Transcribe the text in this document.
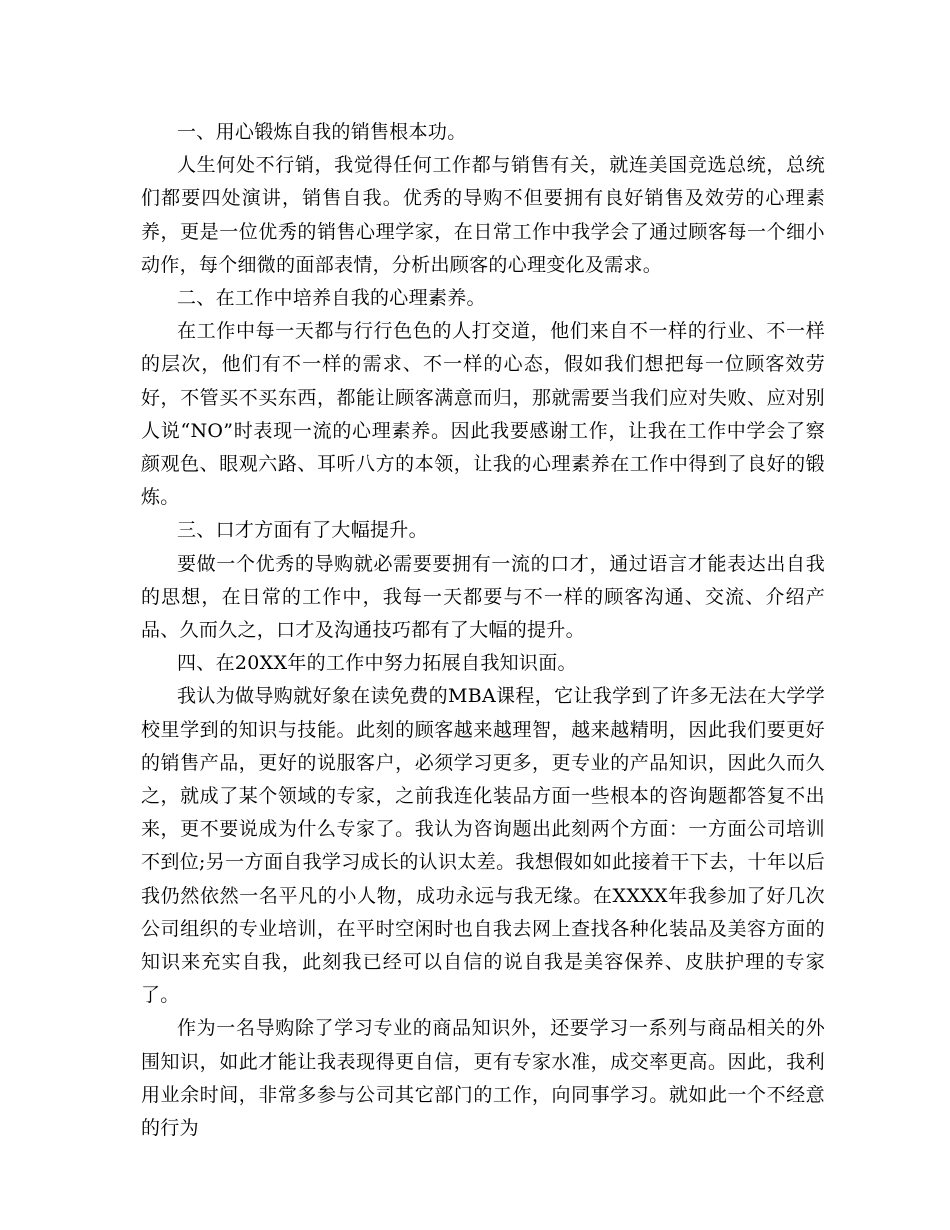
一、用心锻炼自我的销售根本功。

人生何处不行销，我觉得任何工作都与销售有关，就连美国竞选总统，总统们都要四处演讲，销售自我。优秀的导购不但要拥有良好销售及效劳的心理素养，更是一位优秀的销售心理学家，在日常工作中我学会了通过顾客每一个细小动作，每个细微的面部表情，分析出顾客的心理变化及需求。

二、在工作中培养自我的心理素养。

在工作中每一天都与行行色色的人打交道，他们来自不一样的行业、不一样的层次，他们有不一样的需求、不一样的心态，假如我们想把每一位顾客效劳好，不管买不买东西，都能让顾客满意而归，那就需要当我们应对失败、应对别人说“NO”时表现一流的心理素养。因此我要感谢工作，让我在工作中学会了察颜观色、眼观六路、耳听八方的本领，让我的心理素养在工作中得到了良好的锻炼。

三、口才方面有了大幅提升。

要做一个优秀的导购就必需要要拥有一流的口才，通过语言才能表达出自我的思想，在日常的工作中，我每一天都要与不一样的顾客沟通、交流、介绍产品、久而久之，口才及沟通技巧都有了大幅的提升。

四、在20XX年的工作中努力拓展自我知识面。

我认为做导购就好象在读免费的MBA课程，它让我学到了许多无法在大学学校里学到的知识与技能。此刻的顾客越来越理智，越来越精明，因此我们要更好的销售产品，更好的说服客户，必须学习更多，更专业的产品知识，因此久而久之，就成了某个领域的专家，之前我连化装品方面一些根本的咨询题都答复不出来，更不要说成为什么专家了。我认为咨询题出此刻两个方面：一方面公司培训不到位;另一方面自我学习成长的认识太差。我想假如如此接着干下去，十年以后我仍然依然一名平凡的小人物，成功永远与我无缘。在XXXX年我参加了好几次公司组织的专业培训，在平时空闲时也自我去网上查找各种化装品及美容方面的知识来充实自我，此刻我已经可以自信的说自我是美容保养、皮肤护理的专家了。

作为一名导购除了学习专业的商品知识外，还要学习一系列与商品相关的外围知识，如此才能让我表现得更自信，更有专家水准，成交率更高。因此，我利用业余时间，非常多参与公司其它部门的工作，向同事学习。就如此一个不经意的行为
